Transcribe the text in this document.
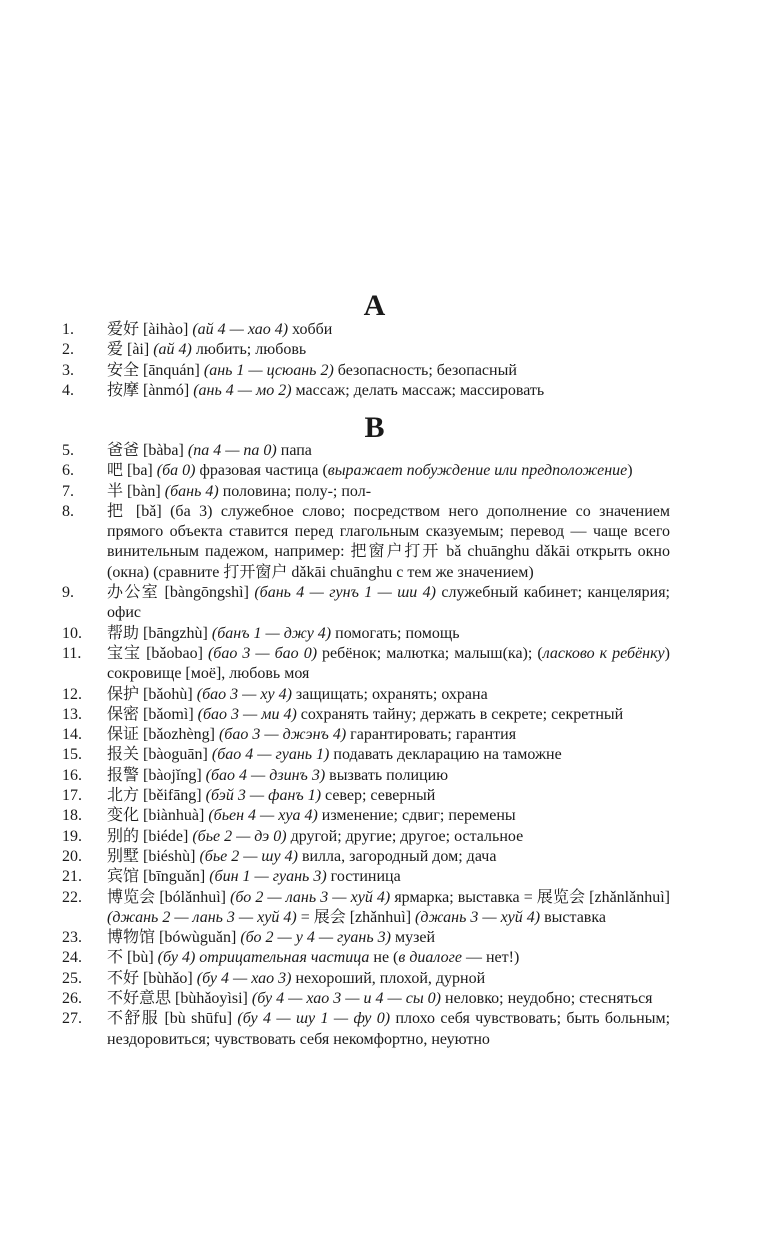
A
1.	爱好 [àihào] (ай 4 — хао 4) хобби
2.	爱 [ài] (ай 4) любить; любовь
3.	安全 [ānquán] (ань 1 — цсюань 2) безопасность; безопасный
4.	按摩 [ànmó] (ань 4 — мо 2) массаж; делать массаж; массировать
B
5.	爸爸 [bàba] (па 4 — па 0) папа
6.	吧 [ba] (ба 0) фразовая частица (выражает побуждение или предположение)
7.	半 [bàn] (бань 4) половина; полу-; пол-
8.	把 [bǎ] (ба 3) служебное слово; посредством него дополнение со значением прямого объекта ставится перед глагольным сказуемым; перевод — чаще всего винительным падежом, например: 把窗户打开 bǎ chuānghu dǎkāi открыть окно (окна) (сравните 打开窗户 dǎkāi chuānghu с тем же значением)
9.	办公室 [bàngōngshì] (бань 4 — гунъ 1 — ши 4) служебный кабинет; канцелярия; офис
10.	帮助 [bāngzhù] (банъ 1 — джу 4) помогать; помощь
11.	宝宝 [bǎobao] (бао 3 — бао 0) ребёнок; малютка; малыш(ка); (ласково к ребёнку) сокровище [моё], любовь моя
12.	保护 [bǎohù] (бао 3 — ху 4) защищать; охранять; охрана
13.	保密 [bǎomì] (бао 3 — ми 4) сохранять тайну; держать в секрете; секретный
14.	保证 [bǎozhèng] (бао 3 — джэнъ 4) гарантировать; гарантия
15.	报关 [bàoguān] (бао 4 — гуань 1) подавать декларацию на таможне
16.	报警 [bàojǐng] (бао 4 — дзинъ 3) вызвать полицию
17.	北方 [běifāng] (бэй 3 — фанъ 1) север; северный
18.	变化 [biànhuà] (бьен 4 — хуа 4) изменение; сдвиг; перемены
19.	别的 [biéde] (бье 2 — дэ 0) другой; другие; другое; остальное
20.	别墅 [biéshù] (бье 2 — шу 4) вилла, загородный дом; дача
21.	宾馆 [bīnguǎn] (бин 1 — гуань 3) гостиница
22.	博览会 [bólǎnhuì] (бо 2 — лань 3 — хуй 4) ярмарка; выставка = 展览会 [zhǎnlǎnhuì] (джань 2 — лань 3 — хуй 4) = 展会 [zhǎnhuì] (джань 3 — хуй 4) выставка
23.	博物馆 [bówùguǎn] (бо 2 — у 4 — гуань 3) музей
24.	不 [bù] (бу 4) отрицательная частица не (в диалоге — нет!)
25.	不好 [bùhǎo] (бу 4 — хао 3) нехороший, плохой, дурной
26.	不好意思 [bùhǎoyìsi] (бу 4 — хао 3 — и 4 — сы 0) неловко; неудобно; стесняться
27.	不舒服 [bù shūfu] (бу 4 — шу 1 — фу 0) плохо себя чувствовать; быть больным; нездоровиться; чувствовать себя некомфортно, неуютно
